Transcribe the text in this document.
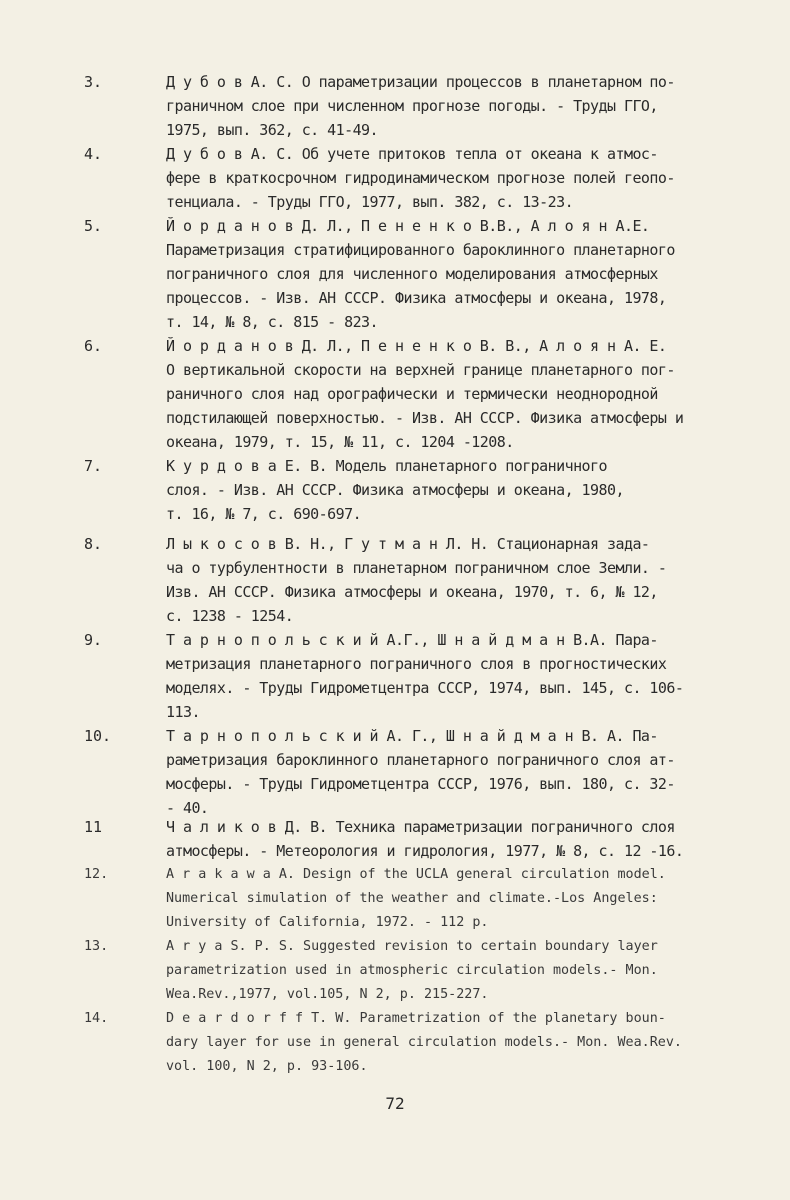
3.	Д у б о в А. С. О параметризации процессов в планетарном по-
граничном слое при численном прогнозе погоды. - Труды ГГО,
1975, вып. 362, с. 41-49.
4.	Д у б о в А. С. Об учете притоков тепла от океана к атмос-
фере в краткосрочном гидродинамическом прогнозе полей геопо-
тенциала. - Труды ГГО, 1977, вып. 382, с. 13-23.
5.	Й о р д а н о в Д. Л., П е н е н к о В.В., А л о я н А.Е.
Параметризация стратифицированного бароклинного планетарного
пограничного слоя для численного моделирования атмосферных
процессов. - Изв. АН СССР. Физика атмосферы и океана, 1978,
т. 14, № 8, с. 815 - 823.
6.	Й о р д а н о в Д. Л., П е н е н к о В. В., А л о я н А. Е.
О вертикальной скорости на верхней границе планетарного пог-
раничного слоя над орографически и термически неоднородной
подстилающей поверхностью. - Изв. АН СССР. Физика атмосферы и
океана, 1979, т. 15, № 11, с. 1204 -1208.
7.	К у р д о в а Е. В. Модель планетарного пограничного
слоя. - Изв. АН СССР. Физика атмосферы и океана, 1980,
т. 16, № 7, с. 690-697.
8.	Л ы к о с о в В. Н., Г у т м а н Л. Н. Стационарная зада-
ча о турбулентности в планетарном пограничном слое Земли. -
Изв. АН СССР. Физика атмосферы и океана, 1970, т. 6, № 12,
с. 1238 - 1254.
9.	Т а р н о п о л ь с к и й А.Г., Ш н а й д м а н В.А. Пара-
метризация планетарного пограничного слоя в прогностических
моделях. - Труды Гидрометцентра СССР, 1974, вып. 145, с. 106-
113.
10.	Т а р н о п о л ь с к и й А. Г., Ш н а й д м а н В. А. Па-
раметризация бароклинного планетарного пограничного слоя ат-
мосферы. - Труды Гидрометцентра СССР, 1976, вып. 180, с. 32-
- 40.
11	Ч а л и к о в Д. В. Техника параметризации пограничного слоя
атмосферы. - Метеорология и гидрология, 1977, № 8, с. 12 -16.
12.	A r a k a w a A. Design of the UCLA general circulation model.
Numerical simulation of the weather and climate.-Los Angeles:
University of California, 1972. - 112 p.
13.	A r y a S. P. S. Suggested revision to certain boundary layer
parametrization used in atmospheric circulation models.- Mon.
Wea.Rev.,1977, vol.105, N 2, p. 215-227.
14.	D e a r d o r f f T. W. Parametrization of the planetary boun-
dary layer for use in general circulation models.- Mon. Wea.Rev.
vol. 100, N 2, p. 93-106.
72
